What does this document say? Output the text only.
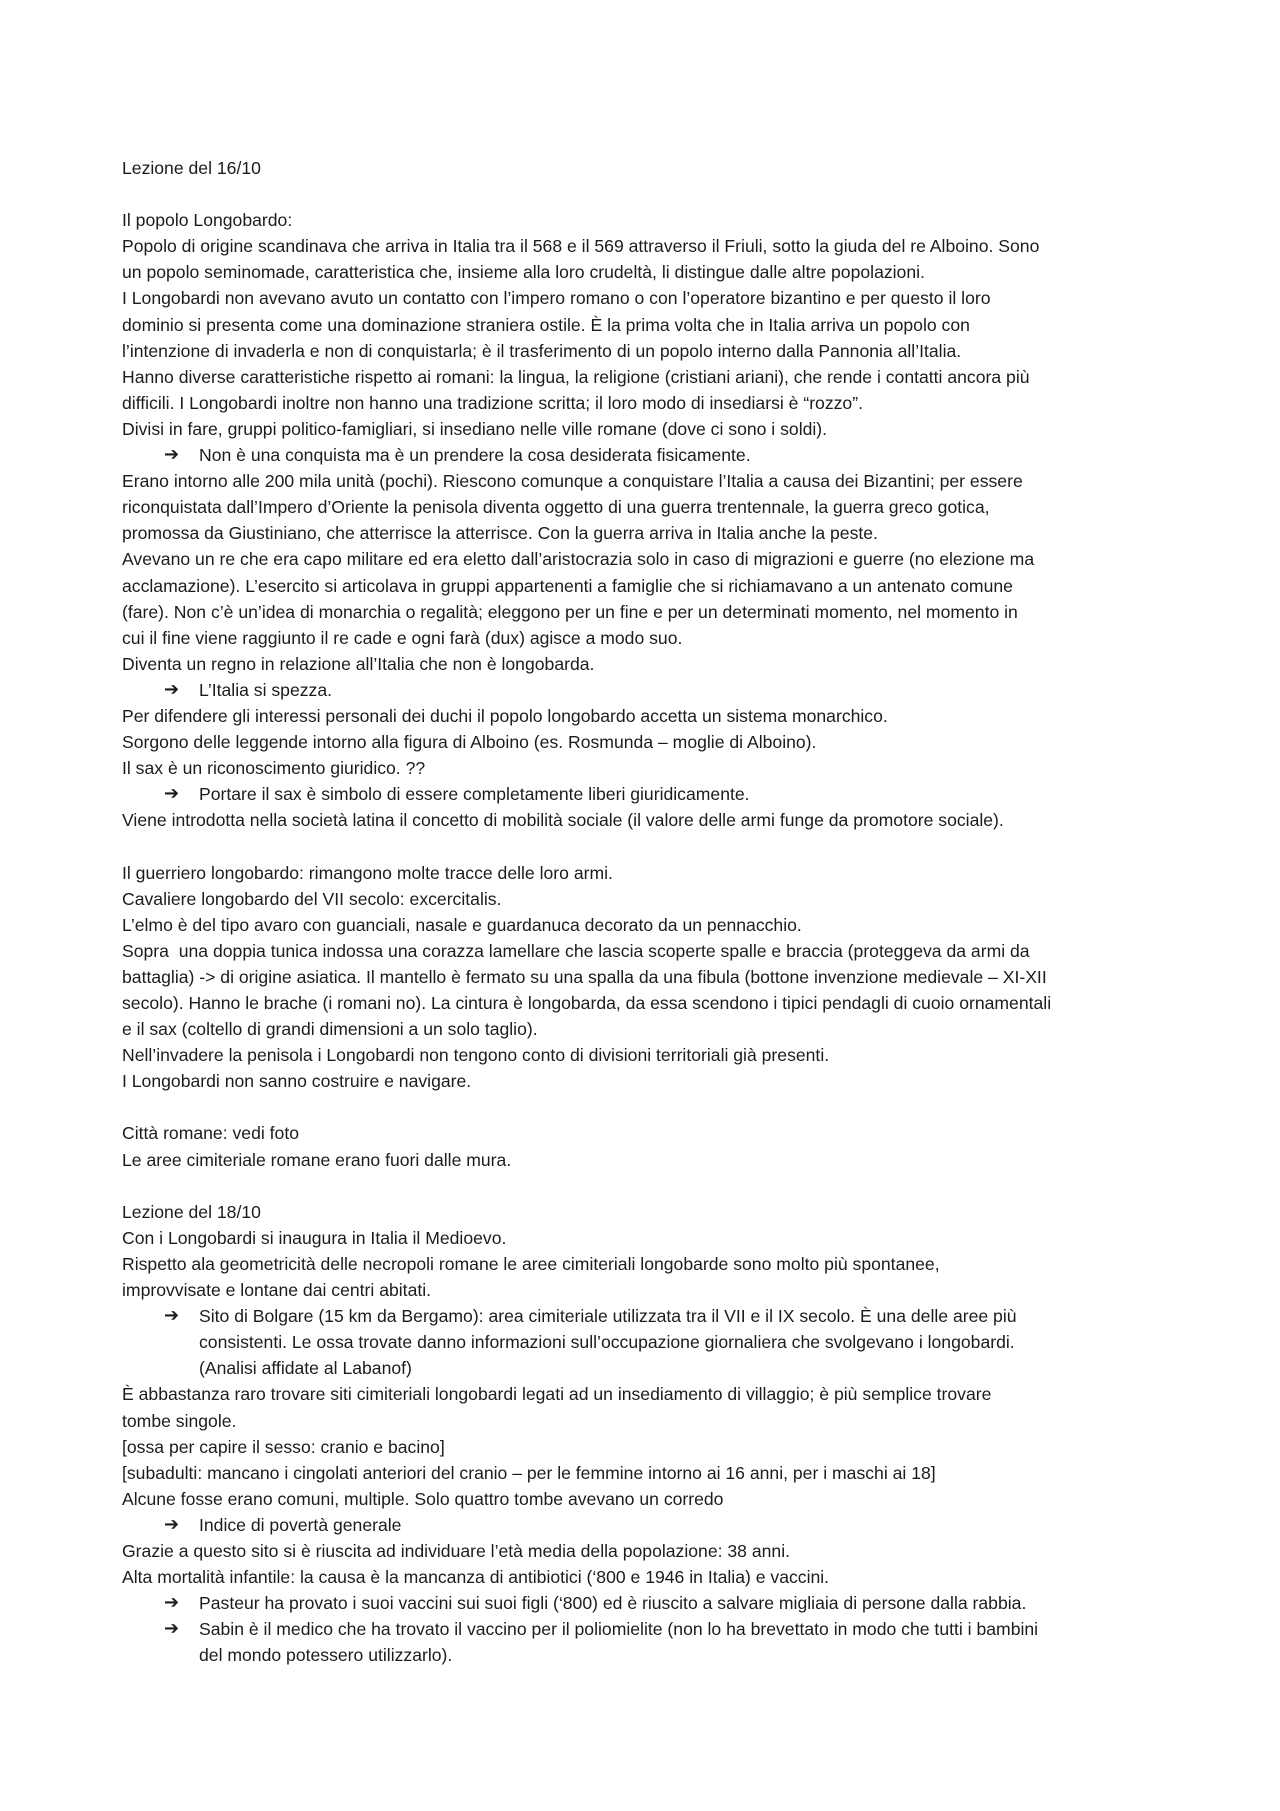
Lezione del 16/10
Il popolo Longobardo:
Popolo di origine scandinava che arriva in Italia tra il 568 e il 569 attraverso il Friuli, sotto la giuda del re Alboino. Sono
un popolo seminomade, caratteristica che, insieme alla loro crudeltà, li distingue dalle altre popolazioni.
I Longobardi non avevano avuto un contatto con l’impero romano o con l’operatore bizantino e per questo il loro
dominio si presenta come una dominazione straniera ostile. È la prima volta che in Italia arriva un popolo con
l’intenzione di invaderla e non di conquistarla; è il trasferimento di un popolo interno dalla Pannonia all’Italia.
Hanno diverse caratteristiche rispetto ai romani: la lingua, la religione (cristiani ariani), che rende i contatti ancora più
difficili. I Longobardi inoltre non hanno una tradizione scritta; il loro modo di insediarsi è “rozzo”.
Divisi in fare, gruppi politico-famigliari, si insediano nelle ville romane (dove ci sono i soldi).
➔ Non è una conquista ma è un prendere la cosa desiderata fisicamente.
Erano intorno alle 200 mila unità (pochi). Riescono comunque a conquistare l’Italia a causa dei Bizantini; per essere
riconquistata dall’Impero d’Oriente la penisola diventa oggetto di una guerra trentennale, la guerra greco gotica,
promossa da Giustiniano, che atterrisce la atterrisce. Con la guerra arriva in Italia anche la peste.
Avevano un re che era capo militare ed era eletto dall’aristocrazia solo in caso di migrazioni e guerre (no elezione ma
acclamazione). L’esercito si articolava in gruppi appartenenti a famiglie che si richiamavano a un antenato comune
(fare). Non c’è un’idea di monarchia o regalità; eleggono per un fine e per un determinati momento, nel momento in
cui il fine viene raggiunto il re cade e ogni farà (dux) agisce a modo suo.
Diventa un regno in relazione all’Italia che non è longobarda.
➔ L’Italia si spezza.
Per difendere gli interessi personali dei duchi il popolo longobardo accetta un sistema monarchico.
Sorgono delle leggende intorno alla figura di Alboino (es. Rosmunda – moglie di Alboino).
Il sax è un riconoscimento giuridico. ??
➔ Portare il sax è simbolo di essere completamente liberi giuridicamente.
Viene introdotta nella società latina il concetto di mobilità sociale (il valore delle armi funge da promotore sociale).
Il guerriero longobardo: rimangono molte tracce delle loro armi.
Cavaliere longobardo del VII secolo: excercitalis.
L’elmo è del tipo avaro con guanciali, nasale e guardanuca decorato da un pennacchio.
Sopra  una doppia tunica indossa una corazza lamellare che lascia scoperte spalle e braccia (proteggeva da armi da
battaglia) -> di origine asiatica. Il mantello è fermato su una spalla da una fibula (bottone invenzione medievale – XI-XII
secolo). Hanno le brache (i romani no). La cintura è longobarda, da essa scendono i tipici pendagli di cuoio ornamentali
e il sax (coltello di grandi dimensioni a un solo taglio).
Nell’invadere la penisola i Longobardi non tengono conto di divisioni territoriali già presenti.
I Longobardi non sanno costruire e navigare.
Città romane: vedi foto
Le aree cimiteriale romane erano fuori dalle mura.
Lezione del 18/10
Con i Longobardi si inaugura in Italia il Medioevo.
Rispetto ala geometricità delle necropoli romane le aree cimiteriali longobarde sono molto più spontanee,
improvvisate e lontane dai centri abitati.
➔ Sito di Bolgare (15 km da Bergamo): area cimiteriale utilizzata tra il VII e il IX secolo. È una delle aree più
consistenti. Le ossa trovate danno informazioni sull’occupazione giornaliera che svolgevano i longobardi.
(Analisi affidate al Labanof)
È abbastanza raro trovare siti cimiteriali longobardi legati ad un insediamento di villaggio; è più semplice trovare
tombe singole.
[ossa per capire il sesso: cranio e bacino]
[subadulti: mancano i cingolati anteriori del cranio – per le femmine intorno ai 16 anni, per i maschi ai 18]
Alcune fosse erano comuni, multiple. Solo quattro tombe avevano un corredo
➔ Indice di povertà generale
Grazie a questo sito si è riuscita ad individuare l’età media della popolazione: 38 anni.
Alta mortalità infantile: la causa è la mancanza di antibiotici (‘800 e 1946 in Italia) e vaccini.
➔ Pasteur ha provato i suoi vaccini sui suoi figli (‘800) ed è riuscito a salvare migliaia di persone dalla rabbia.
➔ Sabin è il medico che ha trovato il vaccino per il poliomielite (non lo ha brevettato in modo che tutti i bambini
del mondo potessero utilizzarlo).
